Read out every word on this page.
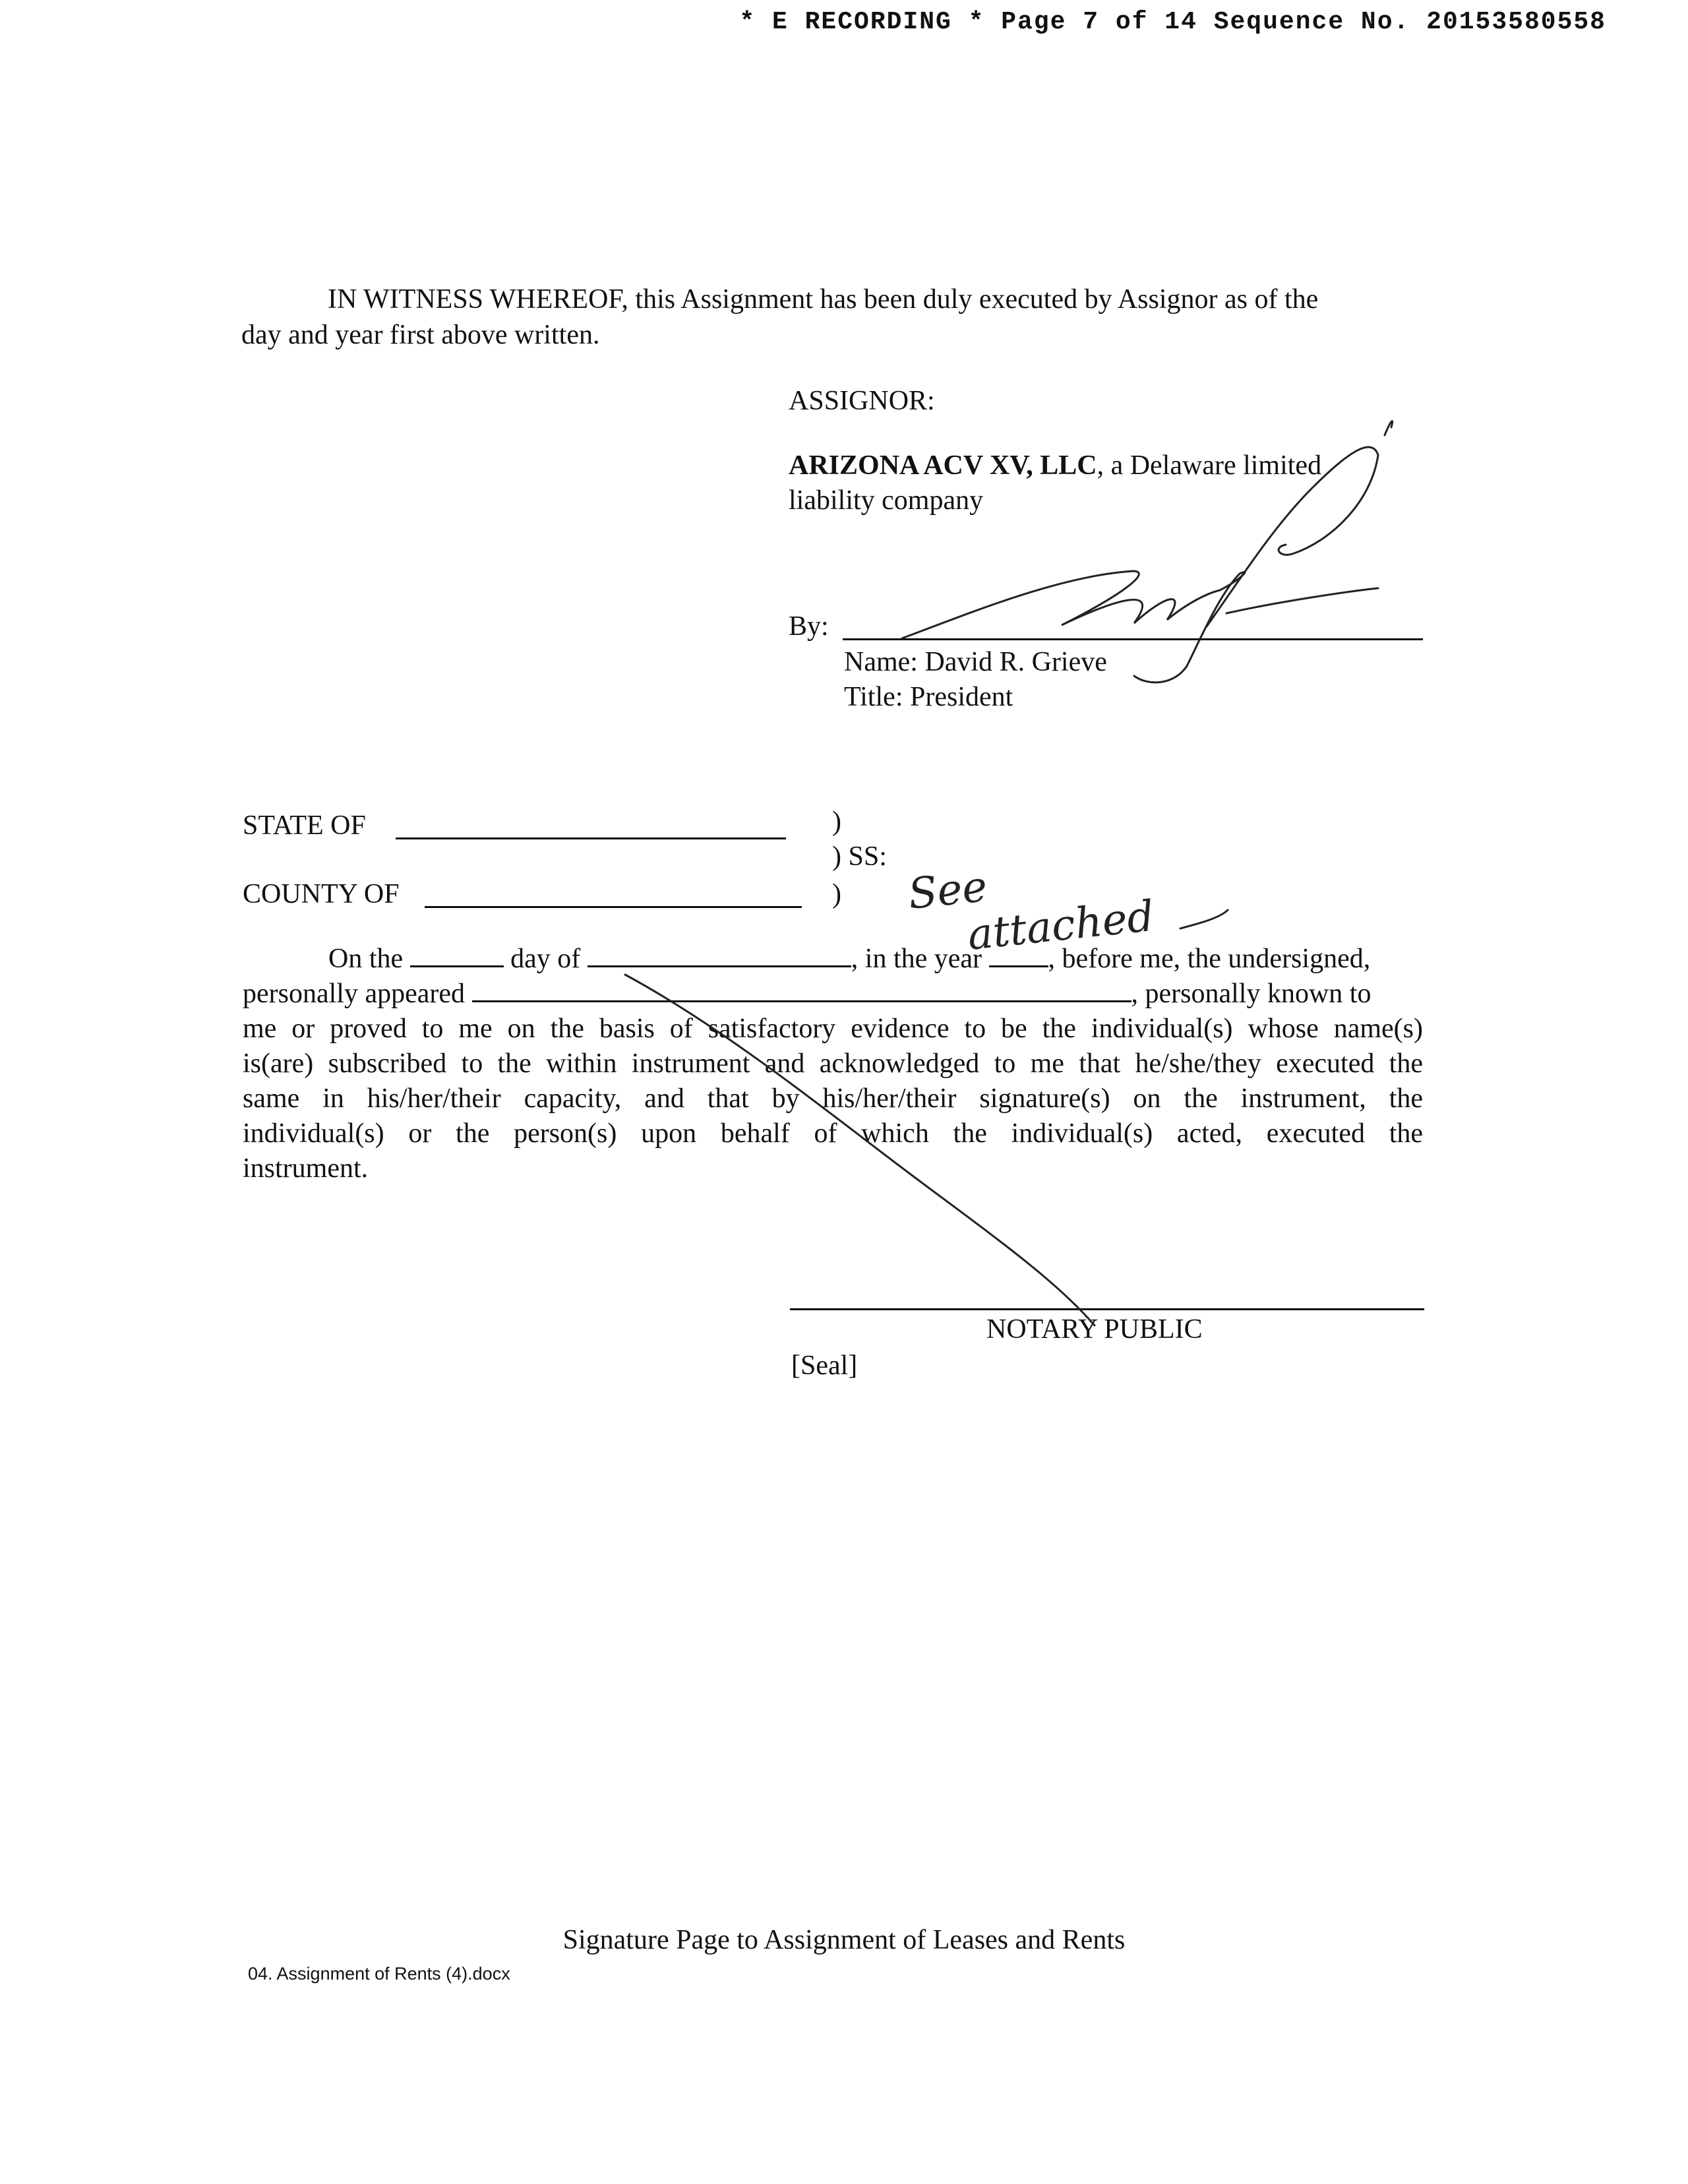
* E RECORDING * Page 7 of 14 Sequence No. 20153580558
IN WITNESS WHEREOF, this Assignment has been duly executed by Assignor as of the
day and year first above written.
ASSIGNOR:
ARIZONA ACV XV, LLC, a Delaware limited
liability company
By:
Name: David R. Grieve
Title: President
STATE OF	)
) SS:
COUNTY OF	)
On the	day of	, in the year , before me, the undersigned,
personally appeared	, personally known to
me or proved to me on the basis of satisfactory evidence to be the individual(s) whose name(s)
is(are) subscribed to the within instrument and acknowledged to me that he/she/they executed the
same in his/her/their capacity, and that by his/her/their signature(s) on the instrument, the
individual(s) or the person(s) upon behalf of which the individual(s) acted, executed the
instrument.
NOTARY PUBLIC
[Seal]
Signature Page to Assignment of Leases and Rents
04. Assignment of Rents (4).docx
See
attached
